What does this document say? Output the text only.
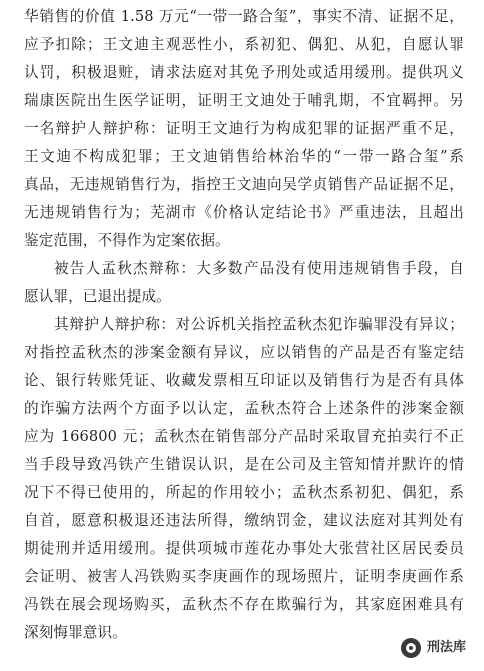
华销售的价值 1.58 万元“一带一路合玺”，事实不清、证据不足，
应予扣除；王文迪主观恶性小，系初犯、偶犯、从犯，自愿认罪
认罚，积极退赃，请求法庭对其免予刑处或适用缓刑。提供巩义
瑞康医院出生医学证明，证明王文迪处于哺乳期，不宜羁押。另
一名辩护人辩护称：证明王文迪行为构成犯罪的证据严重不足，
王文迪不构成犯罪；王文迪销售给林治华的“一带一路合玺”系
真品，无违规销售行为，指控王文迪向吴学贞销售产品证据不足，
无违规销售行为；芜湖市《价格认定结论书》严重违法，且超出
鉴定范围，不得作为定案依据。
被告人孟秋杰辩称：大多数产品没有使用违规销售手段，自
愿认罪，已退出提成。
其辩护人辩护称：对公诉机关指控孟秋杰犯诈骗罪没有异议；
对指控孟秋杰的涉案金额有异议，应以销售的产品是否有鉴定结
论、银行转账凭证、收藏发票相互印证以及销售行为是否有具体
的诈骗方法两个方面予以认定，孟秋杰符合上述条件的涉案金额
应为 166800 元；孟秋杰在销售部分产品时采取冒充拍卖行不正
当手段导致冯铁产生错误认识，是在公司及主管知情并默许的情
况下不得已使用的，所起的作用较小；孟秋杰系初犯、偶犯，系
自首，愿意积极退还违法所得，缴纳罚金，建议法庭对其判处有
期徒刑并适用缓刑。提供项城市莲花办事处大张营社区居民委员
会证明、被害人冯铁购买李庚画作的现场照片，证明李庚画作系
冯铁在展会现场购买，孟秋杰不存在欺骗行为，其家庭困难具有
深刻悔罪意识。
刑法库
